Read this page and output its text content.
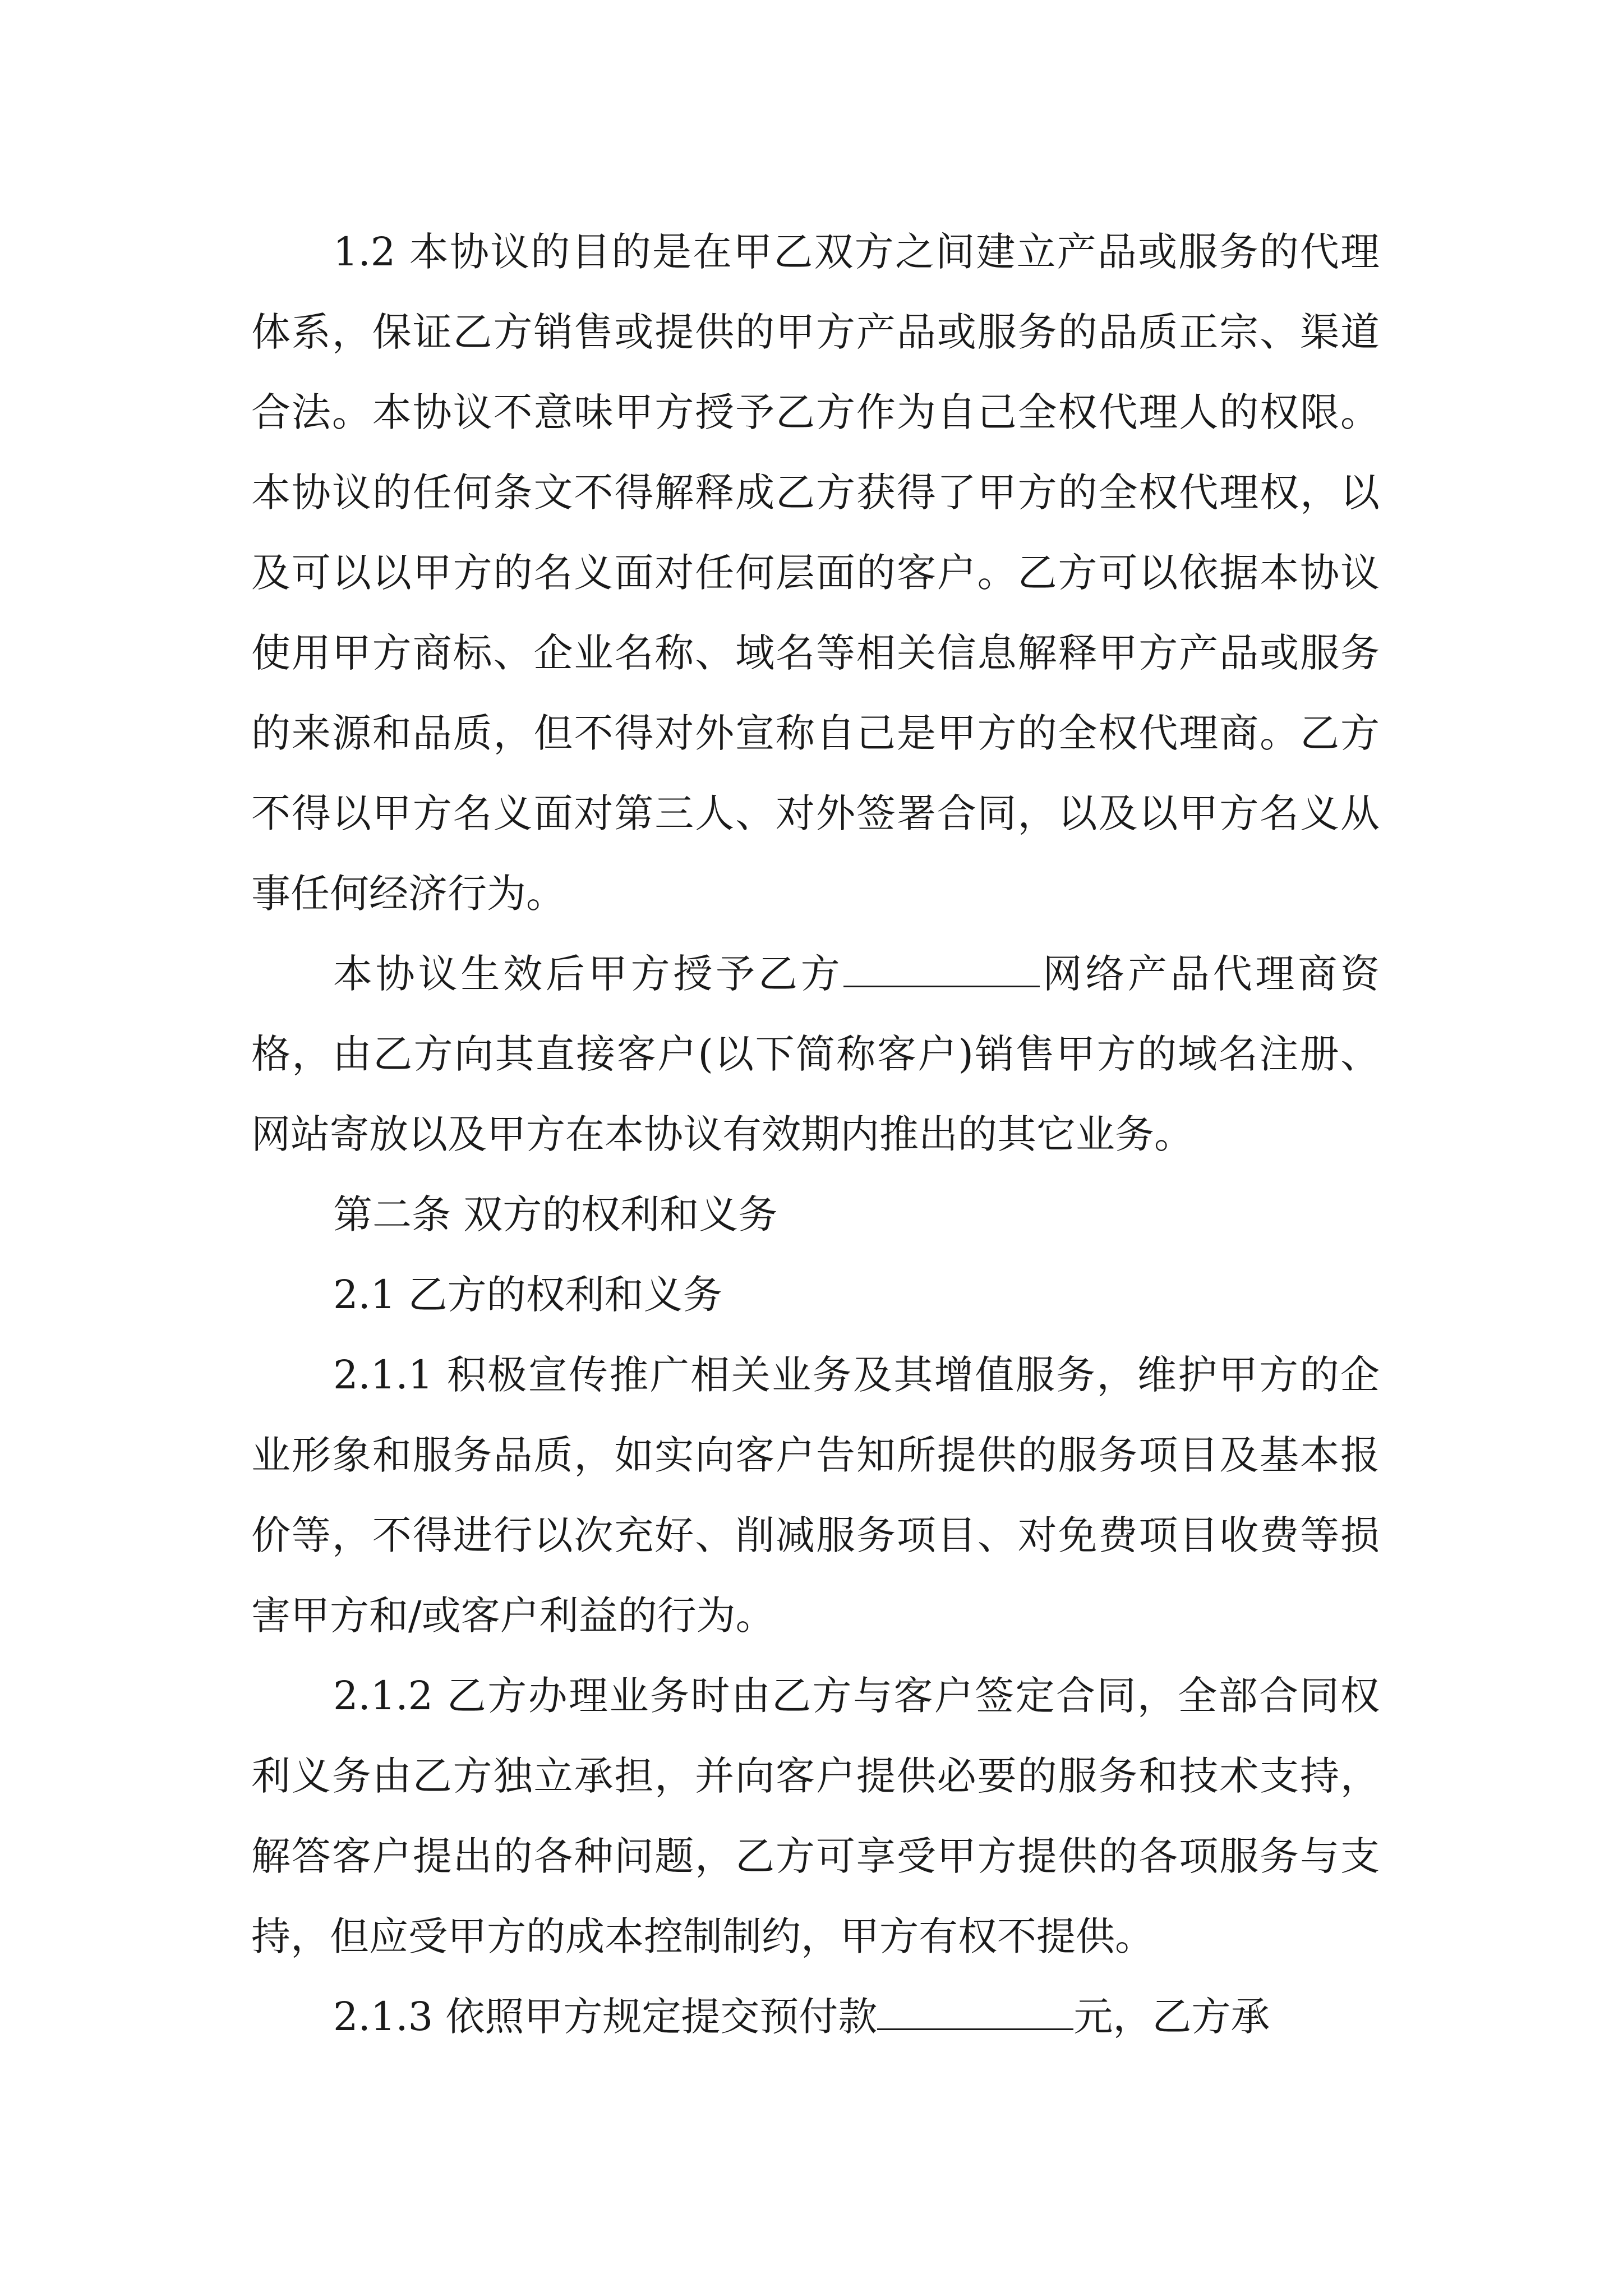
1.2 本协议的目的是在甲乙双方之间建立产品或服务的代理体系，保证乙方销售或提供的甲方产品或服务的品质正宗、渠道合法。本协议不意味甲方授予乙方作为自己全权代理人的权限。本协议的任何条文不得解释成乙方获得了甲方的全权代理权，以及可以以甲方的名义面对任何层面的客户。乙方可以依据本协议使用甲方商标、企业名称、域名等相关信息解释甲方产品或服务的来源和品质，但不得对外宣称自己是甲方的全权代理商。乙方不得以甲方名义面对第三人、对外签署合同，以及以甲方名义从事任何经济行为。

本协议生效后甲方授予乙方	网络产品代理商资格，由乙方向其直接客户(以下简称客户)销售甲方的域名注册、网站寄放以及甲方在本协议有效期内推出的其它业务。

第二条 双方的权利和义务

2.1 乙方的权利和义务

2.1.1 积极宣传推广相关业务及其增值服务，维护甲方的企业形象和服务品质，如实向客户告知所提供的服务项目及基本报价等，不得进行以次充好、削减服务项目、对免费项目收费等损害甲方和/或客户利益的行为。

2.1.2 乙方办理业务时由乙方与客户签定合同，全部合同权利义务由乙方独立承担，并向客户提供必要的服务和技术支持，解答客户提出的各种问题，乙方可享受甲方提供的各项服务与支持，但应受甲方的成本控制制约，甲方有权不提供。

2.1.3 依照甲方规定提交预付款	元，乙方承
